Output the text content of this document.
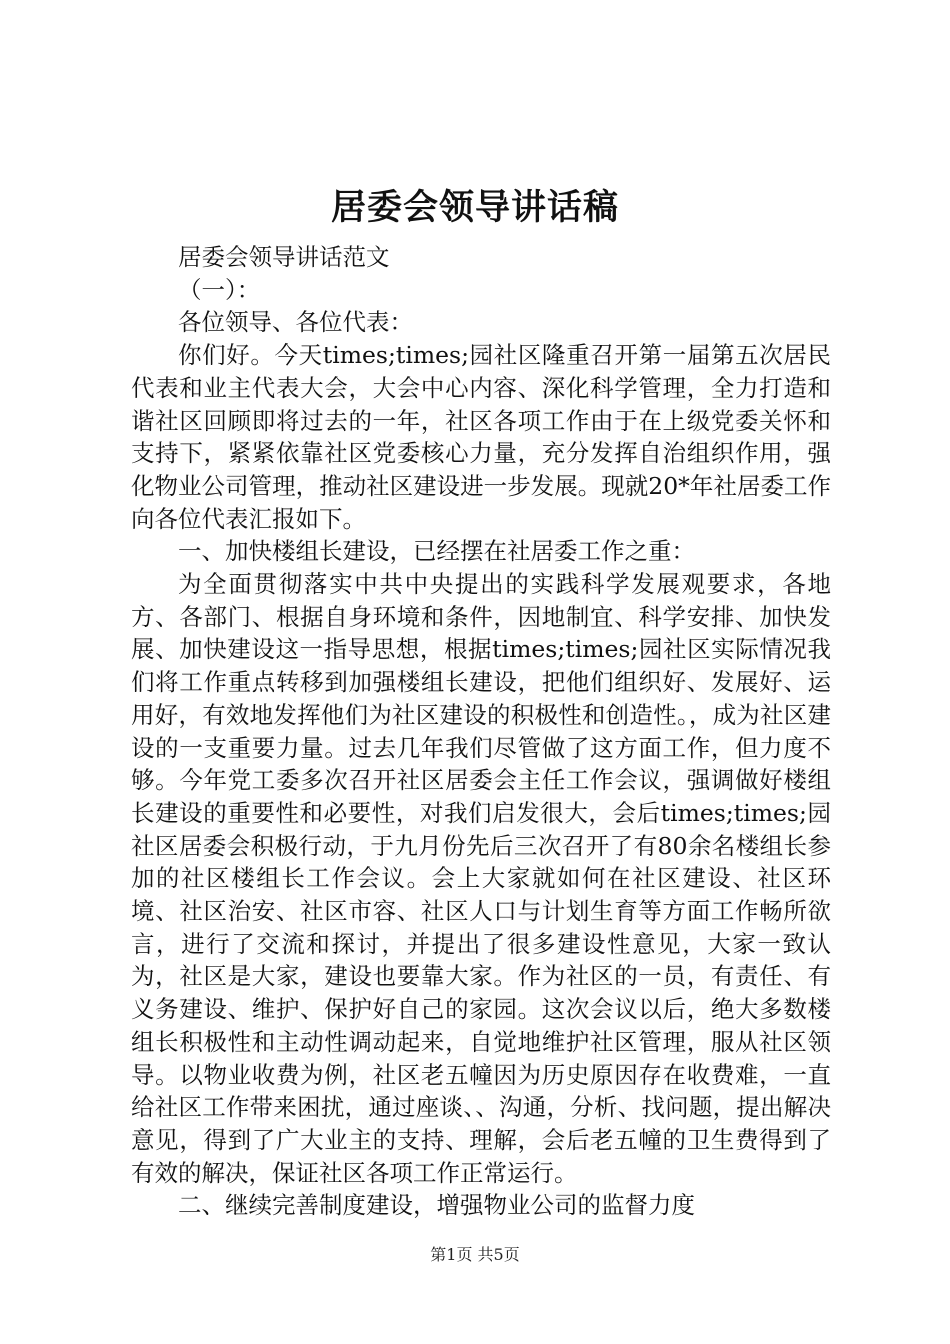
居委会领导讲话稿

居委会领导讲话范文

（一）：

各位领导、各位代表：

你们好。今天times;times;园社区隆重召开第一届第五次居民代表和业主代表大会，大会中心内容、深化科学管理，全力打造和谐社区回顾即将过去的一年，社区各项工作由于在上级党委关怀和支持下，紧紧依靠社区党委核心力量，充分发挥自治组织作用，强化物业公司管理，推动社区建设进一步发展。现就20*年社居委工作向各位代表汇报如下。

一、加快楼组长建设，已经摆在社居委工作之重：

为全面贯彻落实中共中央提出的实践科学发展观要求，各地方、各部门、根据自身环境和条件，因地制宜、科学安排、加快发展、加快建设这一指导思想，根据times;times;园社区实际情况我们将工作重点转移到加强楼组长建设，把他们组织好、发展好、运用好，有效地发挥他们为社区建设的积极性和创造性。，成为社区建设的一支重要力量。过去几年我们尽管做了这方面工作，但力度不够。今年党工委多次召开社区居委会主任工作会议，强调做好楼组长建设的重要性和必要性，对我们启发很大，会后times;times;园社区居委会积极行动，于九月份先后三次召开了有80余名楼组长参加的社区楼组长工作会议。会上大家就如何在社区建设、社区环境、社区治安、社区市容、社区人口与计划生育等方面工作畅所欲言，进行了交流和探讨，并提出了很多建设性意见，大家一致认为，社区是大家，建设也要靠大家。作为社区的一员，有责任、有义务建设、维护、保护好自己的家园。这次会议以后，绝大多数楼组长积极性和主动性调动起来，自觉地维护社区管理，服从社区领导。以物业收费为例，社区老五幢因为历史原因存在收费难，一直给社区工作带来困扰，通过座谈、、沟通，分析、找问题，提出解决意见，得到了广大业主的支持、理解，会后老五幢的卫生费得到了有效的解决，保证社区各项工作正常运行。

二、继续完善制度建设，增强物业公司的监督力度

第1页 共5页
